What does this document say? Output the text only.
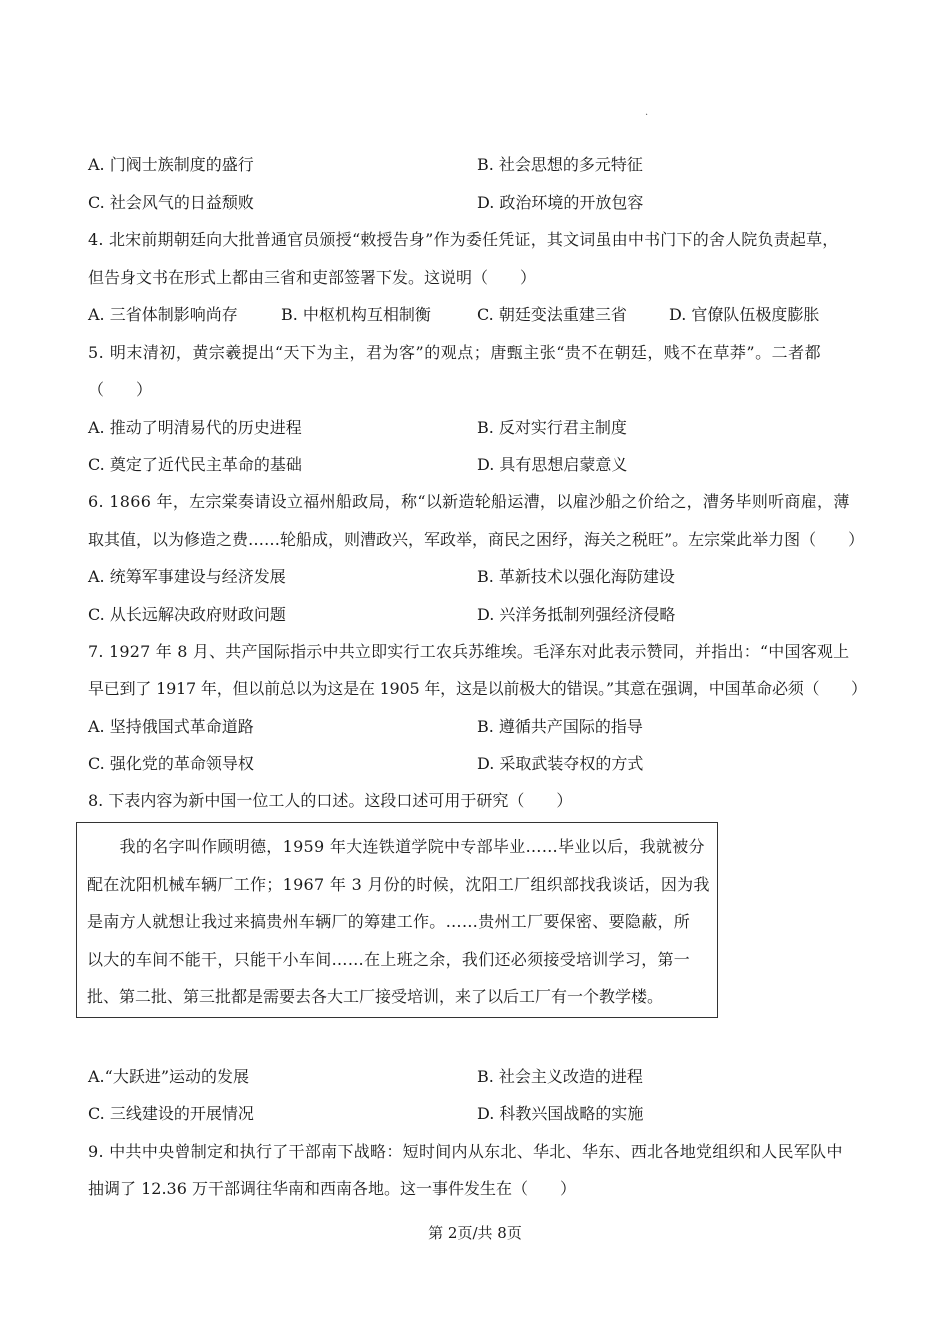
·
A. 门阀士族制度的盛行	B. 社会思想的多元特征
C. 社会风气的日益颓败	D. 政治环境的开放包容
4. 北宋前期朝廷向大批普通官员颁授“敕授告身”作为委任凭证，其文词虽由中书门下的舍人院负责起草，
但告身文书在形式上都由三省和吏部签署下发。这说明（　　）
A. 三省体制影响尚存	B. 中枢机构互相制衡	C. 朝廷变法重建三省	D. 官僚队伍极度膨胀
5. 明末清初，黄宗羲提出“天下为主，君为客”的观点；唐甄主张“贵不在朝廷，贱不在草莽”。二者都
（　　）
A. 推动了明清易代的历史进程	B. 反对实行君主制度
C. 奠定了近代民主革命的基础	D. 具有思想启蒙意义
6. 1866 年，左宗棠奏请设立福州船政局，称“以新造轮船运漕，以雇沙船之价给之，漕务毕则听商雇，薄
取其值，以为修造之费……轮船成，则漕政兴，军政举，商民之困纾，海关之税旺”。左宗棠此举力图（　　）
A. 统筹军事建设与经济发展	B. 革新技术以强化海防建设
C. 从长远解决政府财政问题	D. 兴洋务抵制列强经济侵略
7. 1927 年 8 月、共产国际指示中共立即实行工农兵苏维埃。毛泽东对此表示赞同，并指出：“中国客观上
早已到了 1917 年，但以前总以为这是在 1905 年，这是以前极大的错误。”其意在强调，中国革命必须（　　）
A. 坚持俄国式革命道路	B. 遵循共产国际的指导
C. 强化党的革命领导权	D. 采取武装夺权的方式
8. 下表内容为新中国一位工人的口述。这段口述可用于研究（　　）
　　我的名字叫作顾明德，1959 年大连铁道学院中专部毕业……毕业以后，我就被分
配在沈阳机械车辆厂工作；1967 年 3 月份的时候，沈阳工厂组织部找我谈话，因为我
是南方人就想让我过来搞贵州车辆厂的筹建工作。……贵州工厂要保密、要隐蔽，所
以大的车间不能干，只能干小车间……在上班之余，我们还必须接受培训学习，第一
批、第二批、第三批都是需要去各大工厂接受培训，来了以后工厂有一个教学楼。
A.“大跃进”运动的发展	B. 社会主义改造的进程
C. 三线建设的开展情况	D. 科教兴国战略的实施
9. 中共中央曾制定和执行了干部南下战略：短时间内从东北、华北、华东、西北各地党组织和人民军队中
抽调了 12.36 万干部调往华南和西南各地。这一事件发生在（　　）
第 2页/共 8页
